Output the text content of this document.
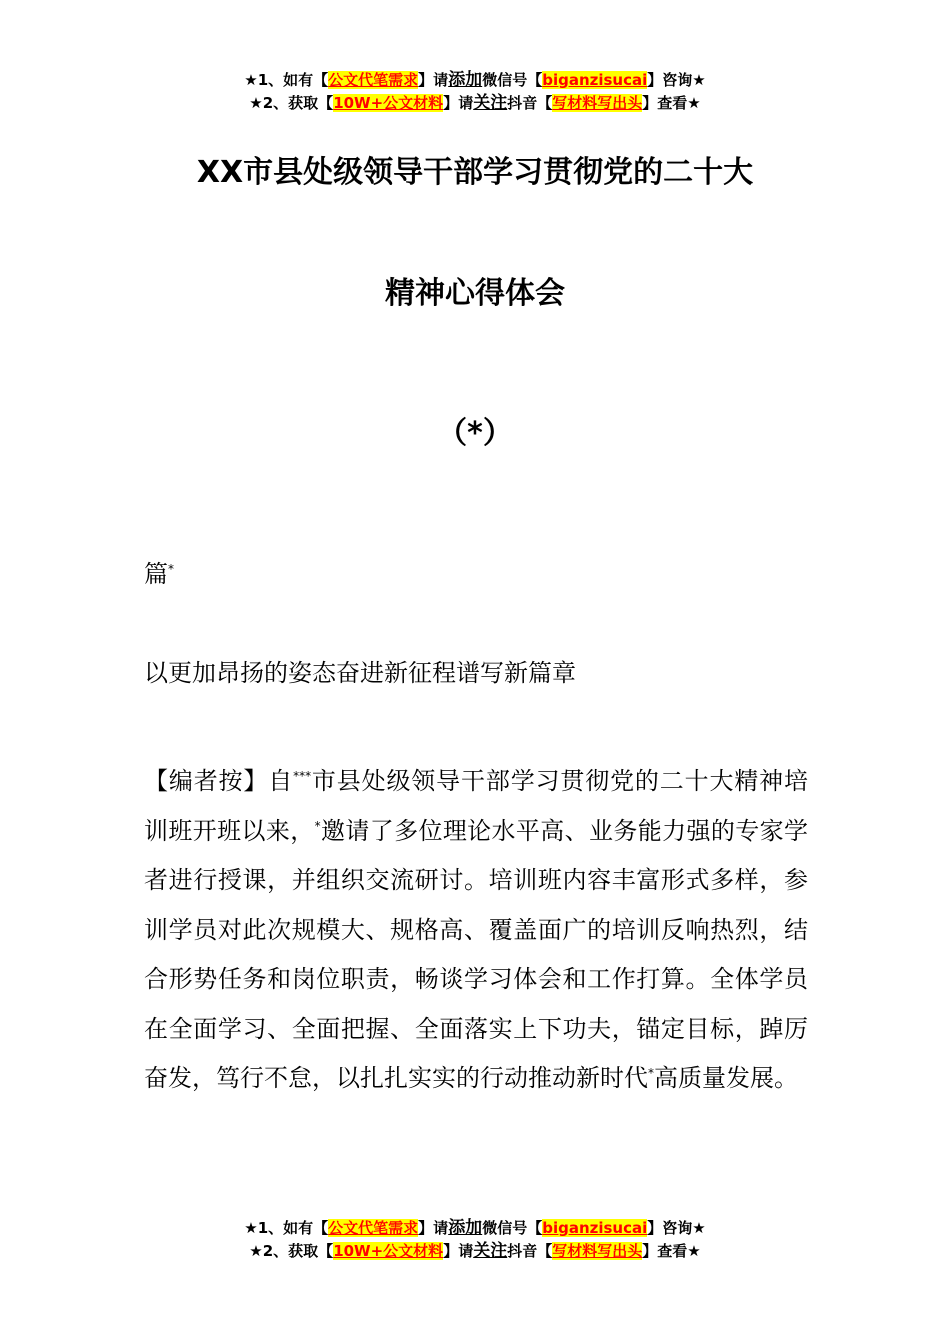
★1、如有【公文代笔需求】请添加微信号【biganzisucai】咨询★
★2、获取【10W+公文材料】请关注抖音【写材料写出头】查看★
XX市县处级领导干部学习贯彻党的二十大
精神心得体会
（*）
篇*
以更加昂扬的姿态奋进新征程谱写新篇章
【编者按】自***市县处级领导干部学习贯彻党的二十大精神培训班开班以来，*邀请了多位理论水平高、业务能力强的专家学者进行授课，并组织交流研讨。培训班内容丰富形式多样，参训学员对此次规模大、规格高、覆盖面广的培训反响热烈，结合形势任务和岗位职责，畅谈学习体会和工作打算。全体学员在全面学习、全面把握、全面落实上下功夫，锚定目标，踔厉奋发，笃行不怠，以扎扎实实的行动推动新时代*高质量发展。
★1、如有【公文代笔需求】请添加微信号【biganzisucai】咨询★
★2、获取【10W+公文材料】请关注抖音【写材料写出头】查看★
